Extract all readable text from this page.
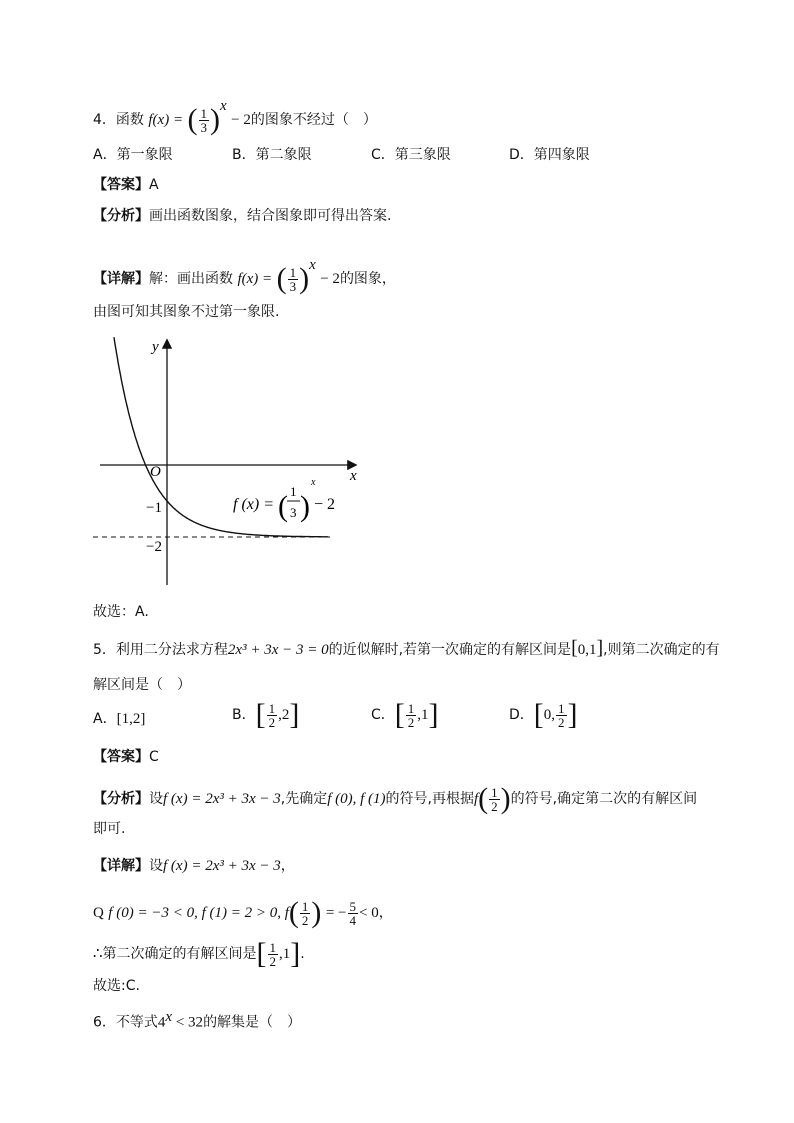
4．函数 f(x) = ( $\frac{1}{3} )^x - 2$的图象不经过（　）
A．第一象限	B．第二象限	C．第三象限	D．第四象限
【答案】A
【分析】画出函数图象，结合图象即可得出答案.
【详解】解：画出函数 f(x) = ( $\frac{1}{3} )^x - 2$的图象，
由图可知其图象不过第一象限.
y
x
O
−1
−2
f (x) =
1
3
( )
x
− 2
故选：A.
5．利用二分法求方程2x³ + 3x − 3 = 0的近似解时,若第一次确定的有解区间是[0,1],则第二次确定的有
解区间是（　）
A．[1,2]	B．[ $\frac{1}{2} ,2$]	C．[ $\frac{1}{2} ,1$]	D．[0, $\frac{1}{2}$ ]
【答案】C
【分析】设f (x) = 2x³ + 3x − 3,先确定f (0), f (1)的符号,再根据$f( \frac{1}{2}$ )的符号,确定第二次的有解区间
即可.
【详解】设f (x) = 2x³ + 3x − 3，
Q f (0) = −3 < 0, f (1) = 2 > 0, $f( \frac{1}{2}$ ) = − $\frac{5}{4} < 0$，
∴第二次确定的有解区间是[ $\frac{1}{2} ,1$].
故选:C.
6．不等式$4^x < 32$的解集是（　）
